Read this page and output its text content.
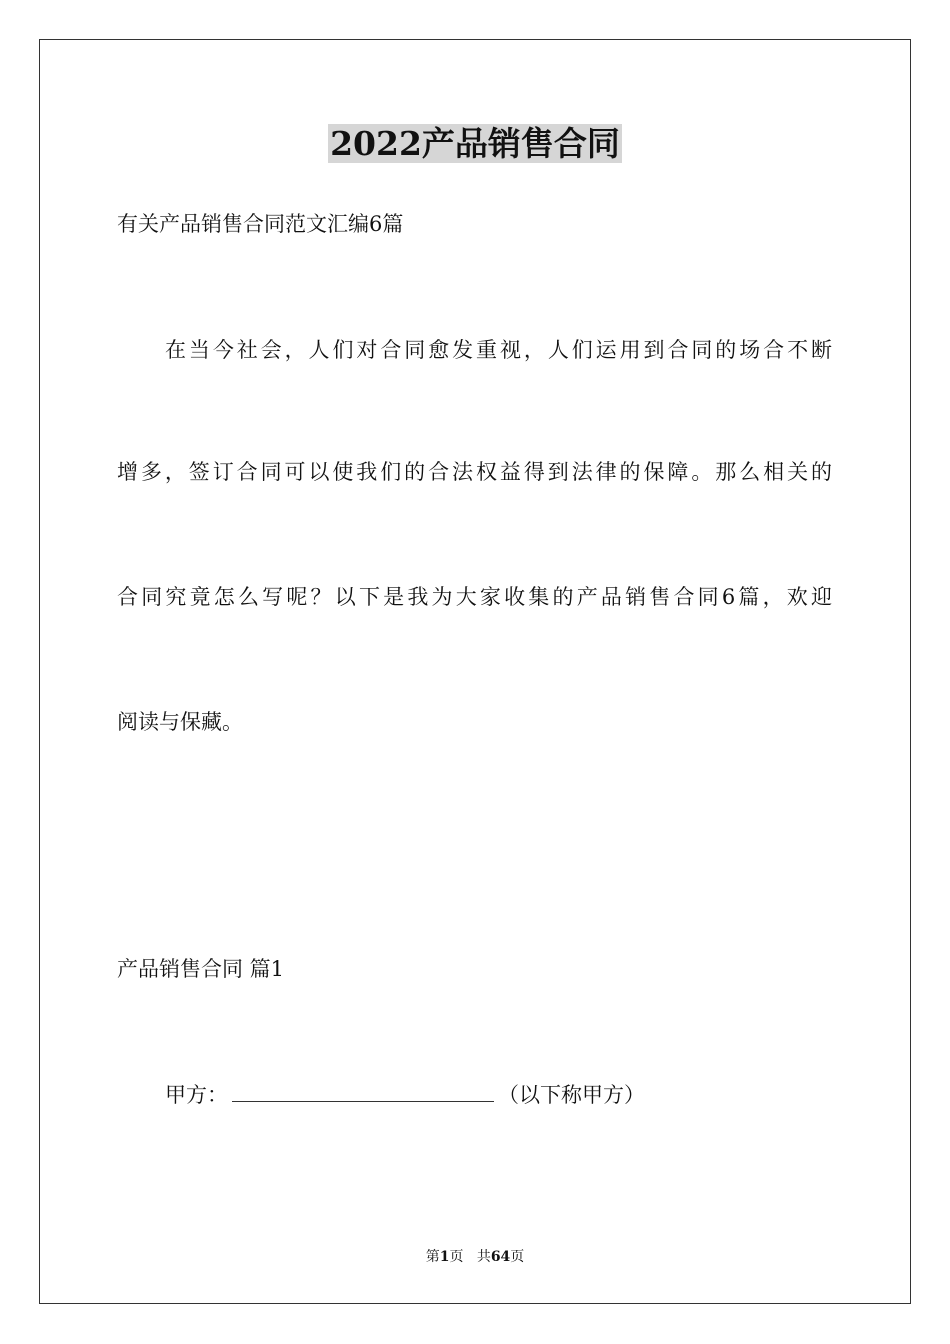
2022产品销售合同
有关产品销售合同范文汇编6篇
在当今社会，人们对合同愈发重视，人们运用到合同的场合不断
增多，签订合同可以使我们的合法权益得到法律的保障。那么相关的
合同究竟怎么写呢？以下是我为大家收集的产品销售合同6篇，欢迎
阅读与保藏。
产品销售合同 篇1
甲方：	（以下称甲方）
第1页 共64页
